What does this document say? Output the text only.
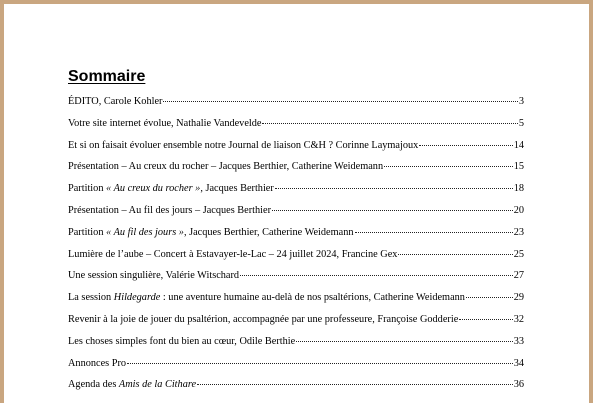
Sommaire
ÉDITO, Carole Kohler	3
Votre site internet évolue, Nathalie Vandevelde	5
Et si on faisait évoluer ensemble notre Journal de liaison C&H ? Corinne Laymajoux	14
Présentation – Au creux du rocher – Jacques Berthier, Catherine Weidemann	15
Partition « Au creux du rocher », Jacques Berthier	18
Présentation – Au fil des jours – Jacques Berthier	20
Partition « Au fil des jours », Jacques Berthier, Catherine Weidemann	23
Lumière de l’aube – Concert à Estavayer-le-Lac – 24 juillet 2024, Francine Gex	25
Une session singulière, Valérie Witschard	27
La session Hildegarde : une aventure humaine au-delà de nos psaltérions, Catherine Weidemann	29
Revenir à la joie de jouer du psaltérion, accompagnée par une professeure, Françoise Godderie	32
Les choses simples font du bien au cœur, Odile Berthie	33
Annonces Pro	34
Agenda des Amis de la Cithare	36
